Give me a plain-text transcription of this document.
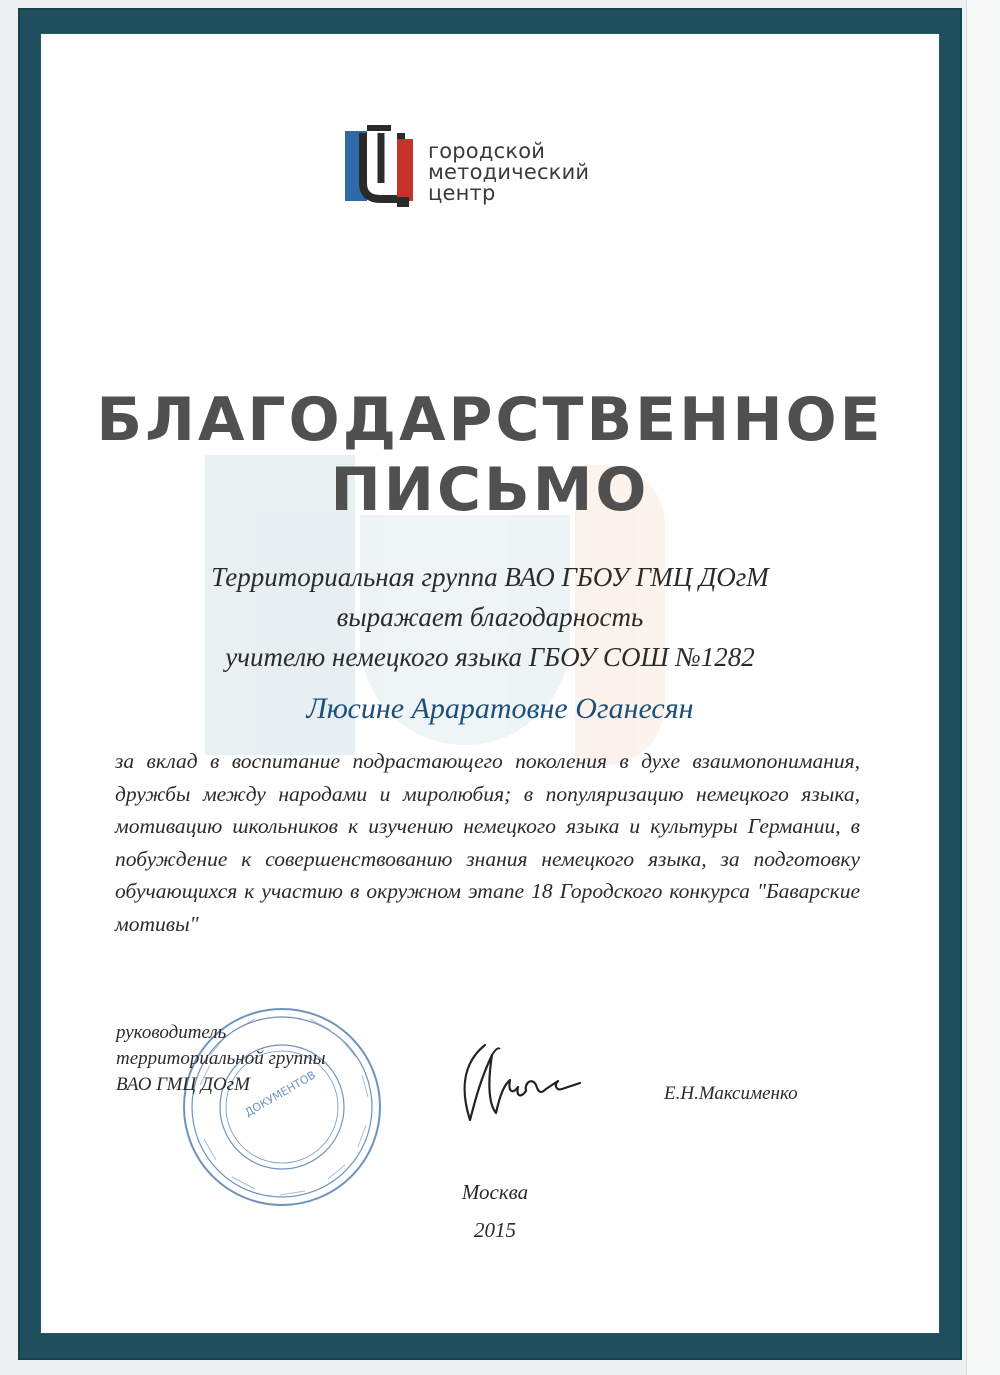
городской
методический
центр
БЛАГОДАРСТВЕННОЕ
ПИСЬМО
Территориальная группа ВАО ГБОУ ГМЦ ДОгМ
выражает благодарность
учителю немецкого языка ГБОУ СОШ №1282
Люсине Араратовне Оганесян
за вклад в воспитание подрастающего поколения в духе взаимопонимания, дружбы между народами и миролюбия; в популяризацию немецкого языка, мотивацию школьников к изучению немецкого языка и культуры Германии, в побуждение к совершенствованию знания немецкого языка, за подготовку обучающихся к участию в окружном этапе 18 Городского конкурса "Баварские мотивы"
ДОКУМЕНТОВ
руководитель
территориальной группы
ВАО ГМЦ ДОгМ	Е.Н.Максименко
Москва
2015
